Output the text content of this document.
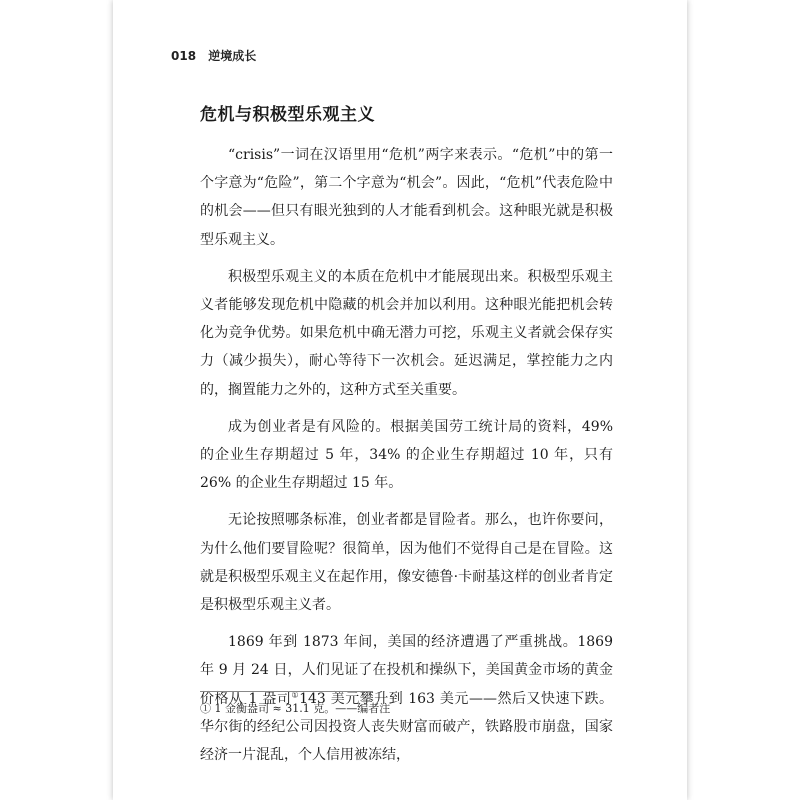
018 逆境成长
危机与积极型乐观主义

“crisis”一词在汉语里用“危机”两字来表示。“危机”中的第一个字意为“危险”，第二个字意为“机会”。因此，“危机”代表危险中的机会——但只有眼光独到的人才能看到机会。这种眼光就是积极型乐观主义。

积极型乐观主义的本质在危机中才能展现出来。积极型乐观主义者能够发现危机中隐藏的机会并加以利用。这种眼光能把机会转化为竞争优势。如果危机中确无潜力可挖，乐观主义者就会保存实力（减少损失），耐心等待下一次机会。延迟满足，掌控能力之内的，搁置能力之外的，这种方式至关重要。

成为创业者是有风险的。根据美国劳工统计局的资料，49% 的企业生存期超过 5 年，34% 的企业生存期超过 10 年，只有 26% 的企业生存期超过 15 年。

无论按照哪条标准，创业者都是冒险者。那么，也许你要问，为什么他们要冒险呢？很简单，因为他们不觉得自己是在冒险。这就是积极型乐观主义在起作用，像安德鲁·卡耐基这样的创业者肯定是积极型乐观主义者。

1869 年到 1873 年间，美国的经济遭遇了严重挑战。1869 年 9 月 24 日，人们见证了在投机和操纵下，美国黄金市场的黄金价格从 1 盎司①143 美元攀升到 163 美元——然后又快速下跌。华尔街的经纪公司因投资人丧失财富而破产，铁路股市崩盘，国家经济一片混乱，个人信用被冻结，

① 1 金衡盎司 ≈ 31.1 克。——编者注
